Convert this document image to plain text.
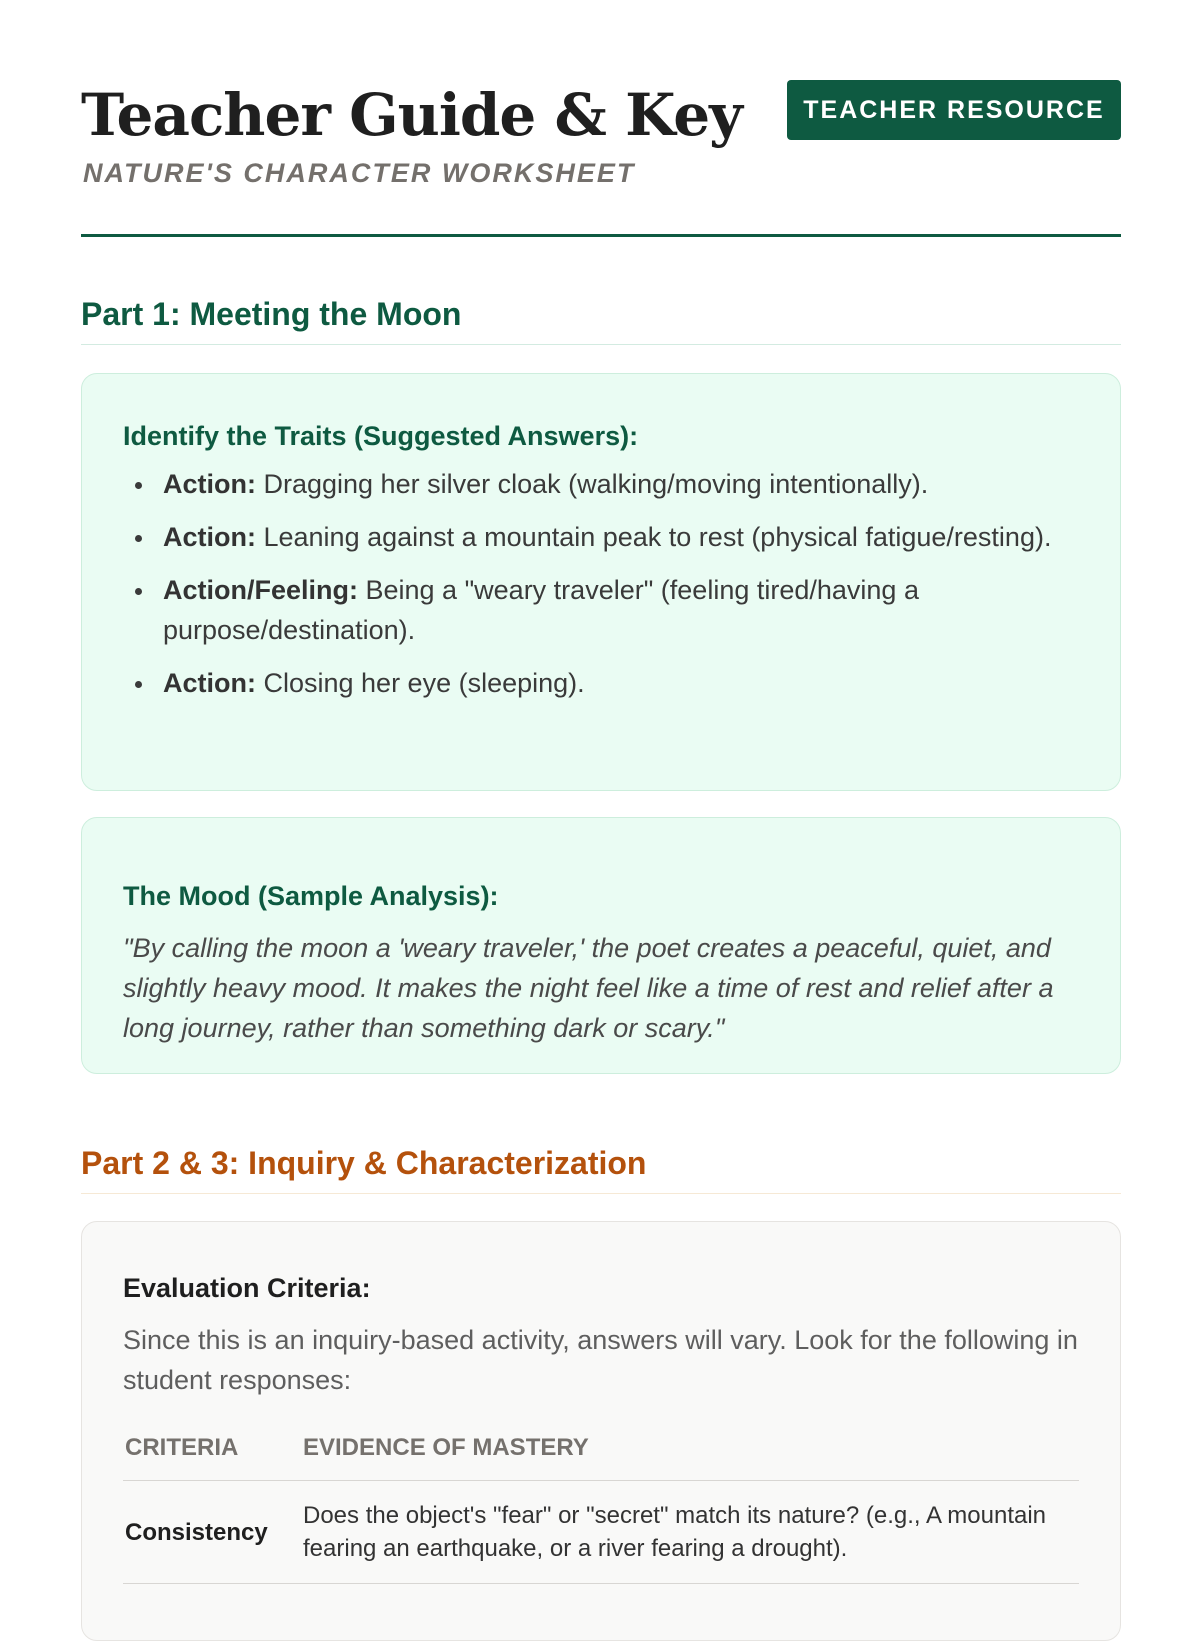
Teacher Guide & Key
NATURE'S CHARACTER WORKSHEET
TEACHER RESOURCE
Part 1: Meeting the Moon
Identify the Traits (Suggested Answers):
Action: Dragging her silver cloak (walking/moving intentionally).
Action: Leaning against a mountain peak to rest (physical fatigue/resting).
Action/Feeling: Being a "weary traveler" (feeling tired/having a purpose/destination).
Action: Closing her eye (sleeping).
The Mood (Sample Analysis):

"By calling the moon a 'weary traveler,' the poet creates a peaceful, quiet, and slightly heavy mood. It makes the night feel like a time of rest and relief after a long journey, rather than something dark or scary."

Part 2 & 3: Inquiry & Characterization
Evaluation Criteria:

Since this is an inquiry-based activity, answers will vary. Look for the following in student responses:

CRITERIA	EVIDENCE OF MASTERY
Consistency	Does the object's "fear" or "secret" match its nature? (e.g., A mountain fearing an earthquake, or a river fearing a drought).
